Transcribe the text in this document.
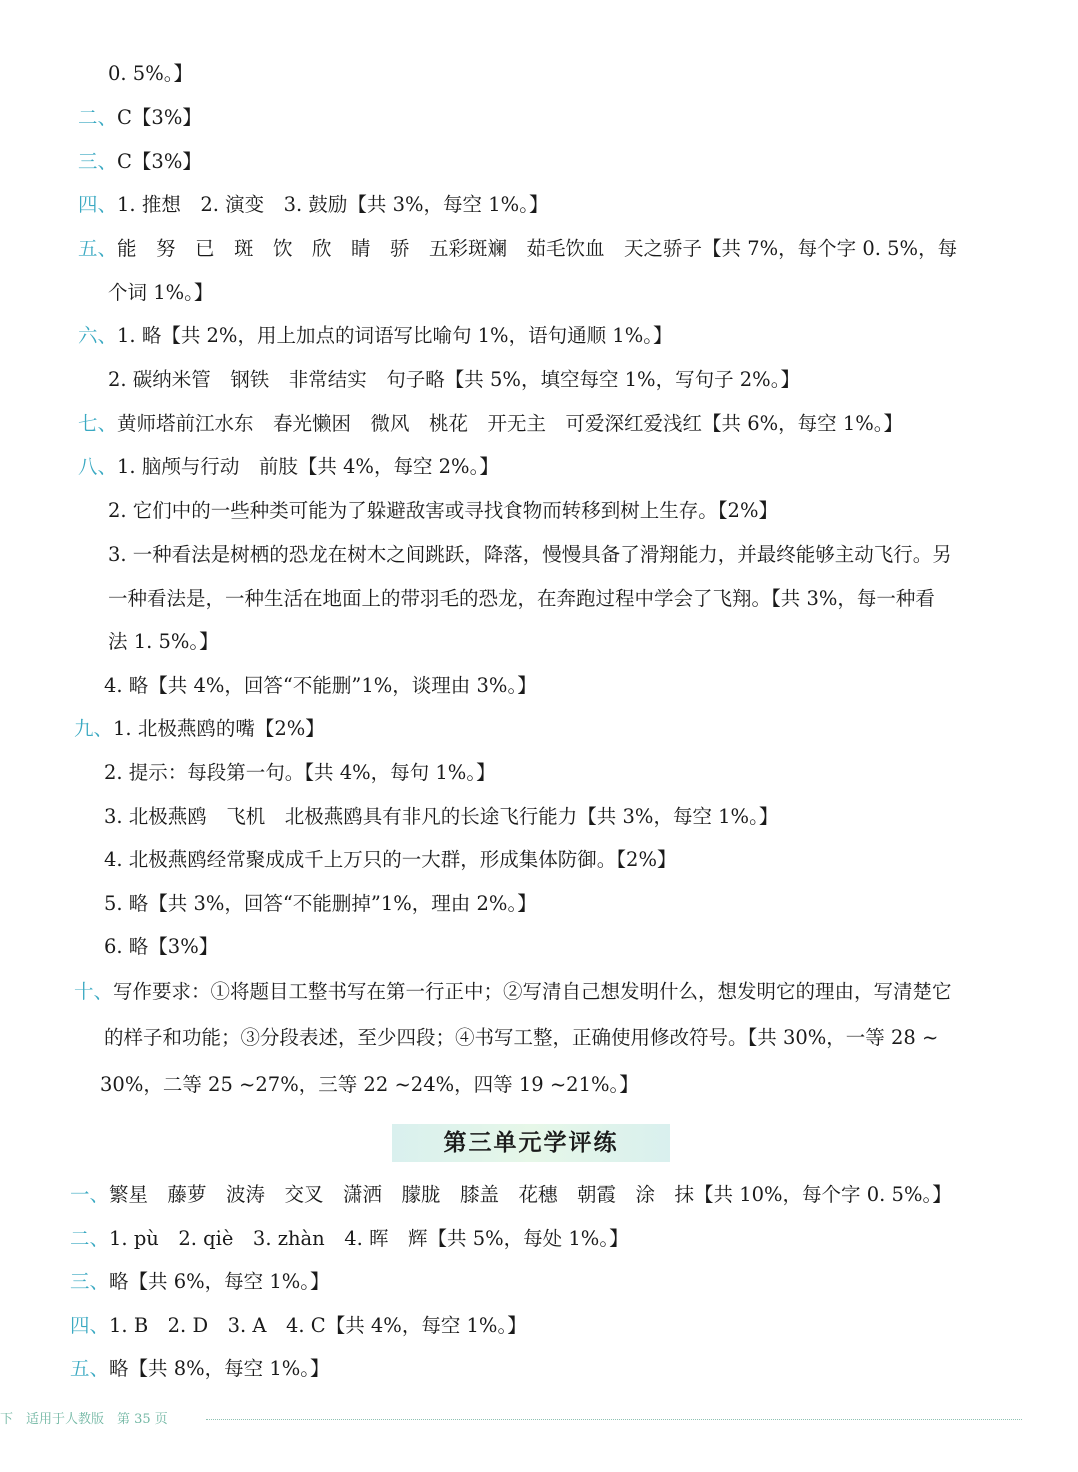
0. 5%。】
二、C【3%】
三、C【3%】
四、1. 推想　2. 演变　3. 鼓励【共 3%，每空 1%。】
五、能　努　已　斑　饮　欣　睛　骄　五彩斑斓　茹毛饮血　天之骄子【共 7%，每个字 0. 5%，每
个词 1%。】
六、1. 略【共 2%，用上加点的词语写比喻句 1%，语句通顺 1%。】
2. 碳纳米管　钢铁　非常结实　句子略【共 5%，填空每空 1%，写句子 2%。】
七、黄师塔前江水东　春光懒困　微风　桃花　开无主　可爱深红爱浅红【共 6%，每空 1%。】
八、1. 脑颅与行动　前肢【共 4%，每空 2%。】
2. 它们中的一些种类可能为了躲避敌害或寻找食物而转移到树上生存。【2%】
3. 一种看法是树栖的恐龙在树木之间跳跃，降落，慢慢具备了滑翔能力，并最终能够主动飞行。另
一种看法是，一种生活在地面上的带羽毛的恐龙，在奔跑过程中学会了飞翔。【共 3%，每一种看
法 1. 5%。】
4. 略【共 4%，回答“不能删”1%，谈理由 3%。】
九、1. 北极燕鸥的嘴【2%】
2. 提示：每段第一句。【共 4%，每句 1%。】
3. 北极燕鸥　飞机　北极燕鸥具有非凡的长途飞行能力【共 3%，每空 1%。】
4. 北极燕鸥经常聚成成千上万只的一大群，形成集体防御。【2%】
5. 略【共 3%，回答“不能删掉”1%，理由 2%。】
6. 略【3%】
十、写作要求：①将题目工整书写在第一行正中；②写清自己想发明什么，想发明它的理由，写清楚它
的样子和功能；③分段表述，至少四段；④书写工整，正确使用修改符号。【共 30%，一等 28 ~
30%，二等 25 ~27%，三等 22 ~24%，四等 19 ~21%。】
第三单元学评练
一、繁星　藤萝　波涛　交叉　潇洒　朦胧　膝盖　花穗　朝霞　涂　抹【共 10%，每个字 0. 5%。】
二、1. pù　2. qiè　3. zhàn　4. 晖　辉【共 5%，每处 1%。】
三、略【共 6%，每空 1%。】
四、1. B　2. D　3. A　4. C【共 4%，每空 1%。】
五、略【共 8%，每空 1%。】
下　适用于人教版　第 35 页
